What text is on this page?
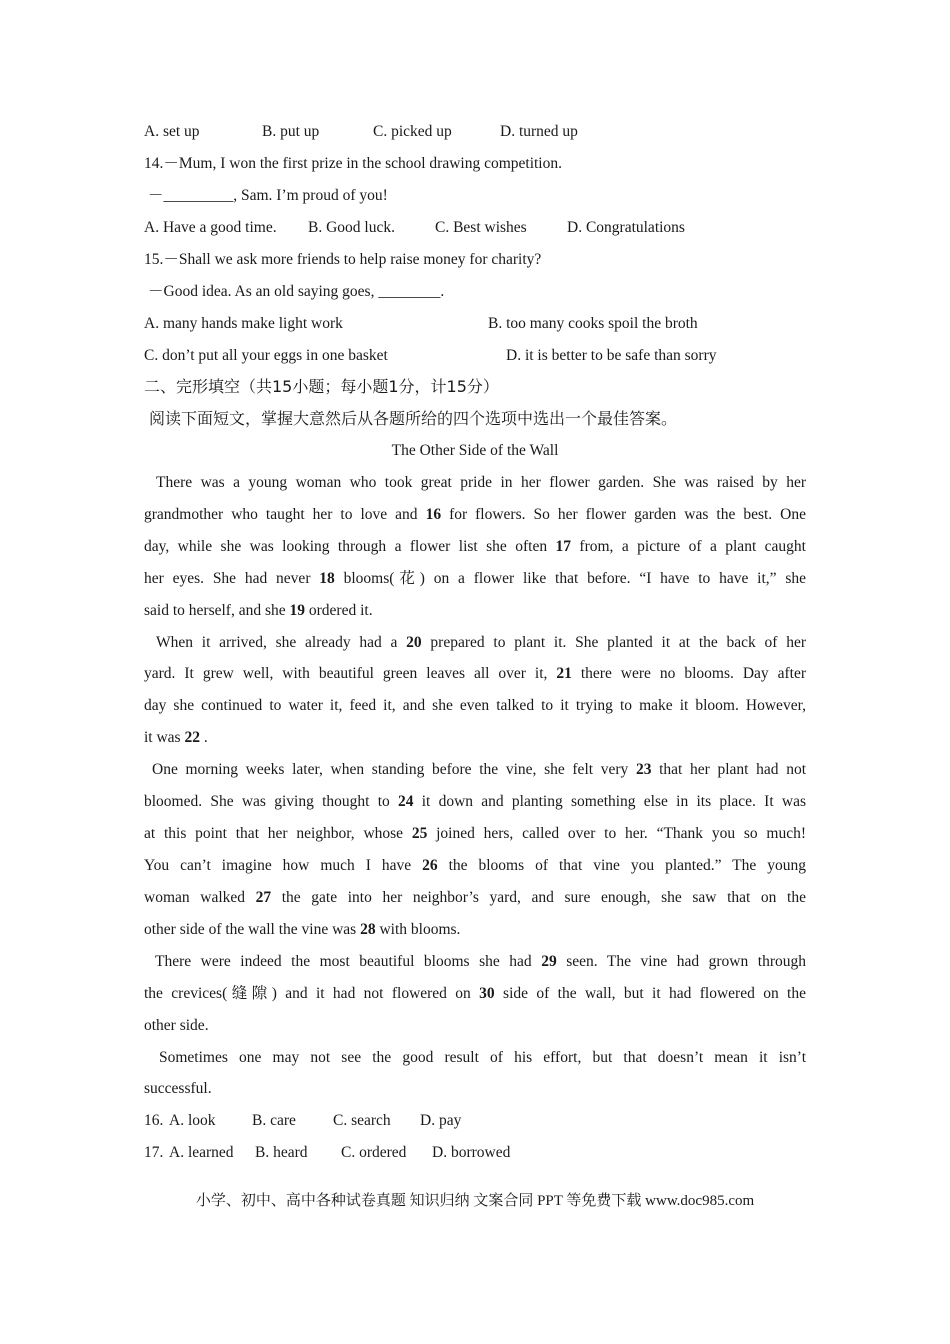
A. set up	B. put up	C. picked up	D. turned up
14.－Mum, I won the first prize in the school drawing competition.
－_________, Sam. I’m proud of you!
A. Have a good time. B. Good luck.	C. Best wishes	D. Congratulations
15.－Shall we ask more friends to help raise money for charity?
－Good idea. As an old saying goes, ________.
A. many hands make light work	B. too many cooks spoil the broth
C. don’t put all your eggs in one basket	D. it is better to be safe than sorry
二、完形填空（共15小题；每小题1分，计15分）
阅读下面短文，掌握大意然后从各题所给的四个选项中选出一个最佳答案。
The Other Side of the Wall
There was a young woman who took great pride in her flower garden. She was raised by her
grandmother who taught her to love and 16 for flowers. So her flower garden was the best. One
day, while she was looking through a flower list she often 17 from, a picture of a plant caught
her eyes. She had never 18 blooms(花) on a flower like that before. “I have to have it,” she
said to herself, and she 19 ordered it.
When it arrived, she already had a 20 prepared to plant it. She planted it at the back of her
yard. It grew well, with beautiful green leaves all over it, 21 there were no blooms. Day after
day she continued to water it, feed it, and she even talked to it trying to make it bloom. However,
it was 22 .
One morning weeks later, when standing before the vine, she felt very 23 that her plant had not
bloomed. She was giving thought to 24 it down and planting something else in its place. It was
at this point that her neighbor, whose 25 joined hers, called over to her. “Thank you so much!
You can’t imagine how much I have 26 the blooms of that vine you planted.” The young
woman walked 27 the gate into her neighbor’s yard, and sure enough, she saw that on the
other side of the wall the vine was 28 with blooms.
There were indeed the most beautiful blooms she had 29 seen. The vine had grown through
the crevices(缝隙) and it had not flowered on 30 side of the wall, but it had flowered on the
other side.
Sometimes one may not see the good result of his effort, but that doesn’t mean it isn’t
successful.
16. A. look B. care C. search D. pay
17. A. learned B. heard C. ordered D. borrowed
小学、初中、高中各种试卷真题 知识归纳 文案合同 PPT 等免费下载 www.doc985.com
